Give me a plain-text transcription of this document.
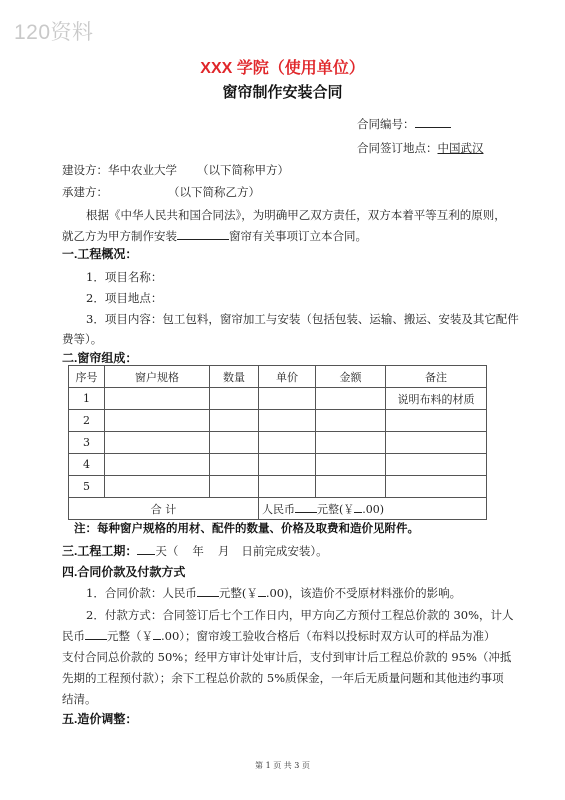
120资料
XXX 学院（使用单位）
窗帘制作安装合同
合同编号：
合同签订地点：中国武汉
建设方：华中农业大学 （以下简称甲方）
承建方：	（以下简称乙方）
根据《中华人民共和国合同法》，为明确甲乙双方责任，双方本着平等互利的原则，
就乙方为甲方制作安装	窗帘有关事项订立本合同。
一.工程概况：
1．项目名称：
2．项目地点：
3．项目内容：包工包料，窗帘加工与安装（包括包装、运输、搬运、安装及其它配件
费等）。
二.窗帘组成：
序号	窗户规格	数量	单价	金额	备注
1					说明布料的材质
2					
3					
4					
5					
合 计			人民币 元整(￥ .00)		
注：每种窗户规格的用材、配件的数量、价格及取费和造价见附件。
三.工程工期： 天（ 年 月 日前完成安装）。
四.合同价款及付款方式
1．合同价款：人民币 元整(￥ .00)，该造价不受原材料涨价的影响。
2．付款方式：合同签订后七个工作日内，甲方向乙方预付工程总价款的 30%，计人
民币 元整（￥ .00）；窗帘竣工验收合格后（布料以投标时双方认可的样品为准）
支付合同总价款的 50%；经甲方审计处审计后，支付到审计后工程总价款的 95%（冲抵
先期的工程预付款）；余下工程总价款的 5%质保金，一年后无质量问题和其他违约事项
结清。
五.造价调整：
第 1 页 共 3 页
